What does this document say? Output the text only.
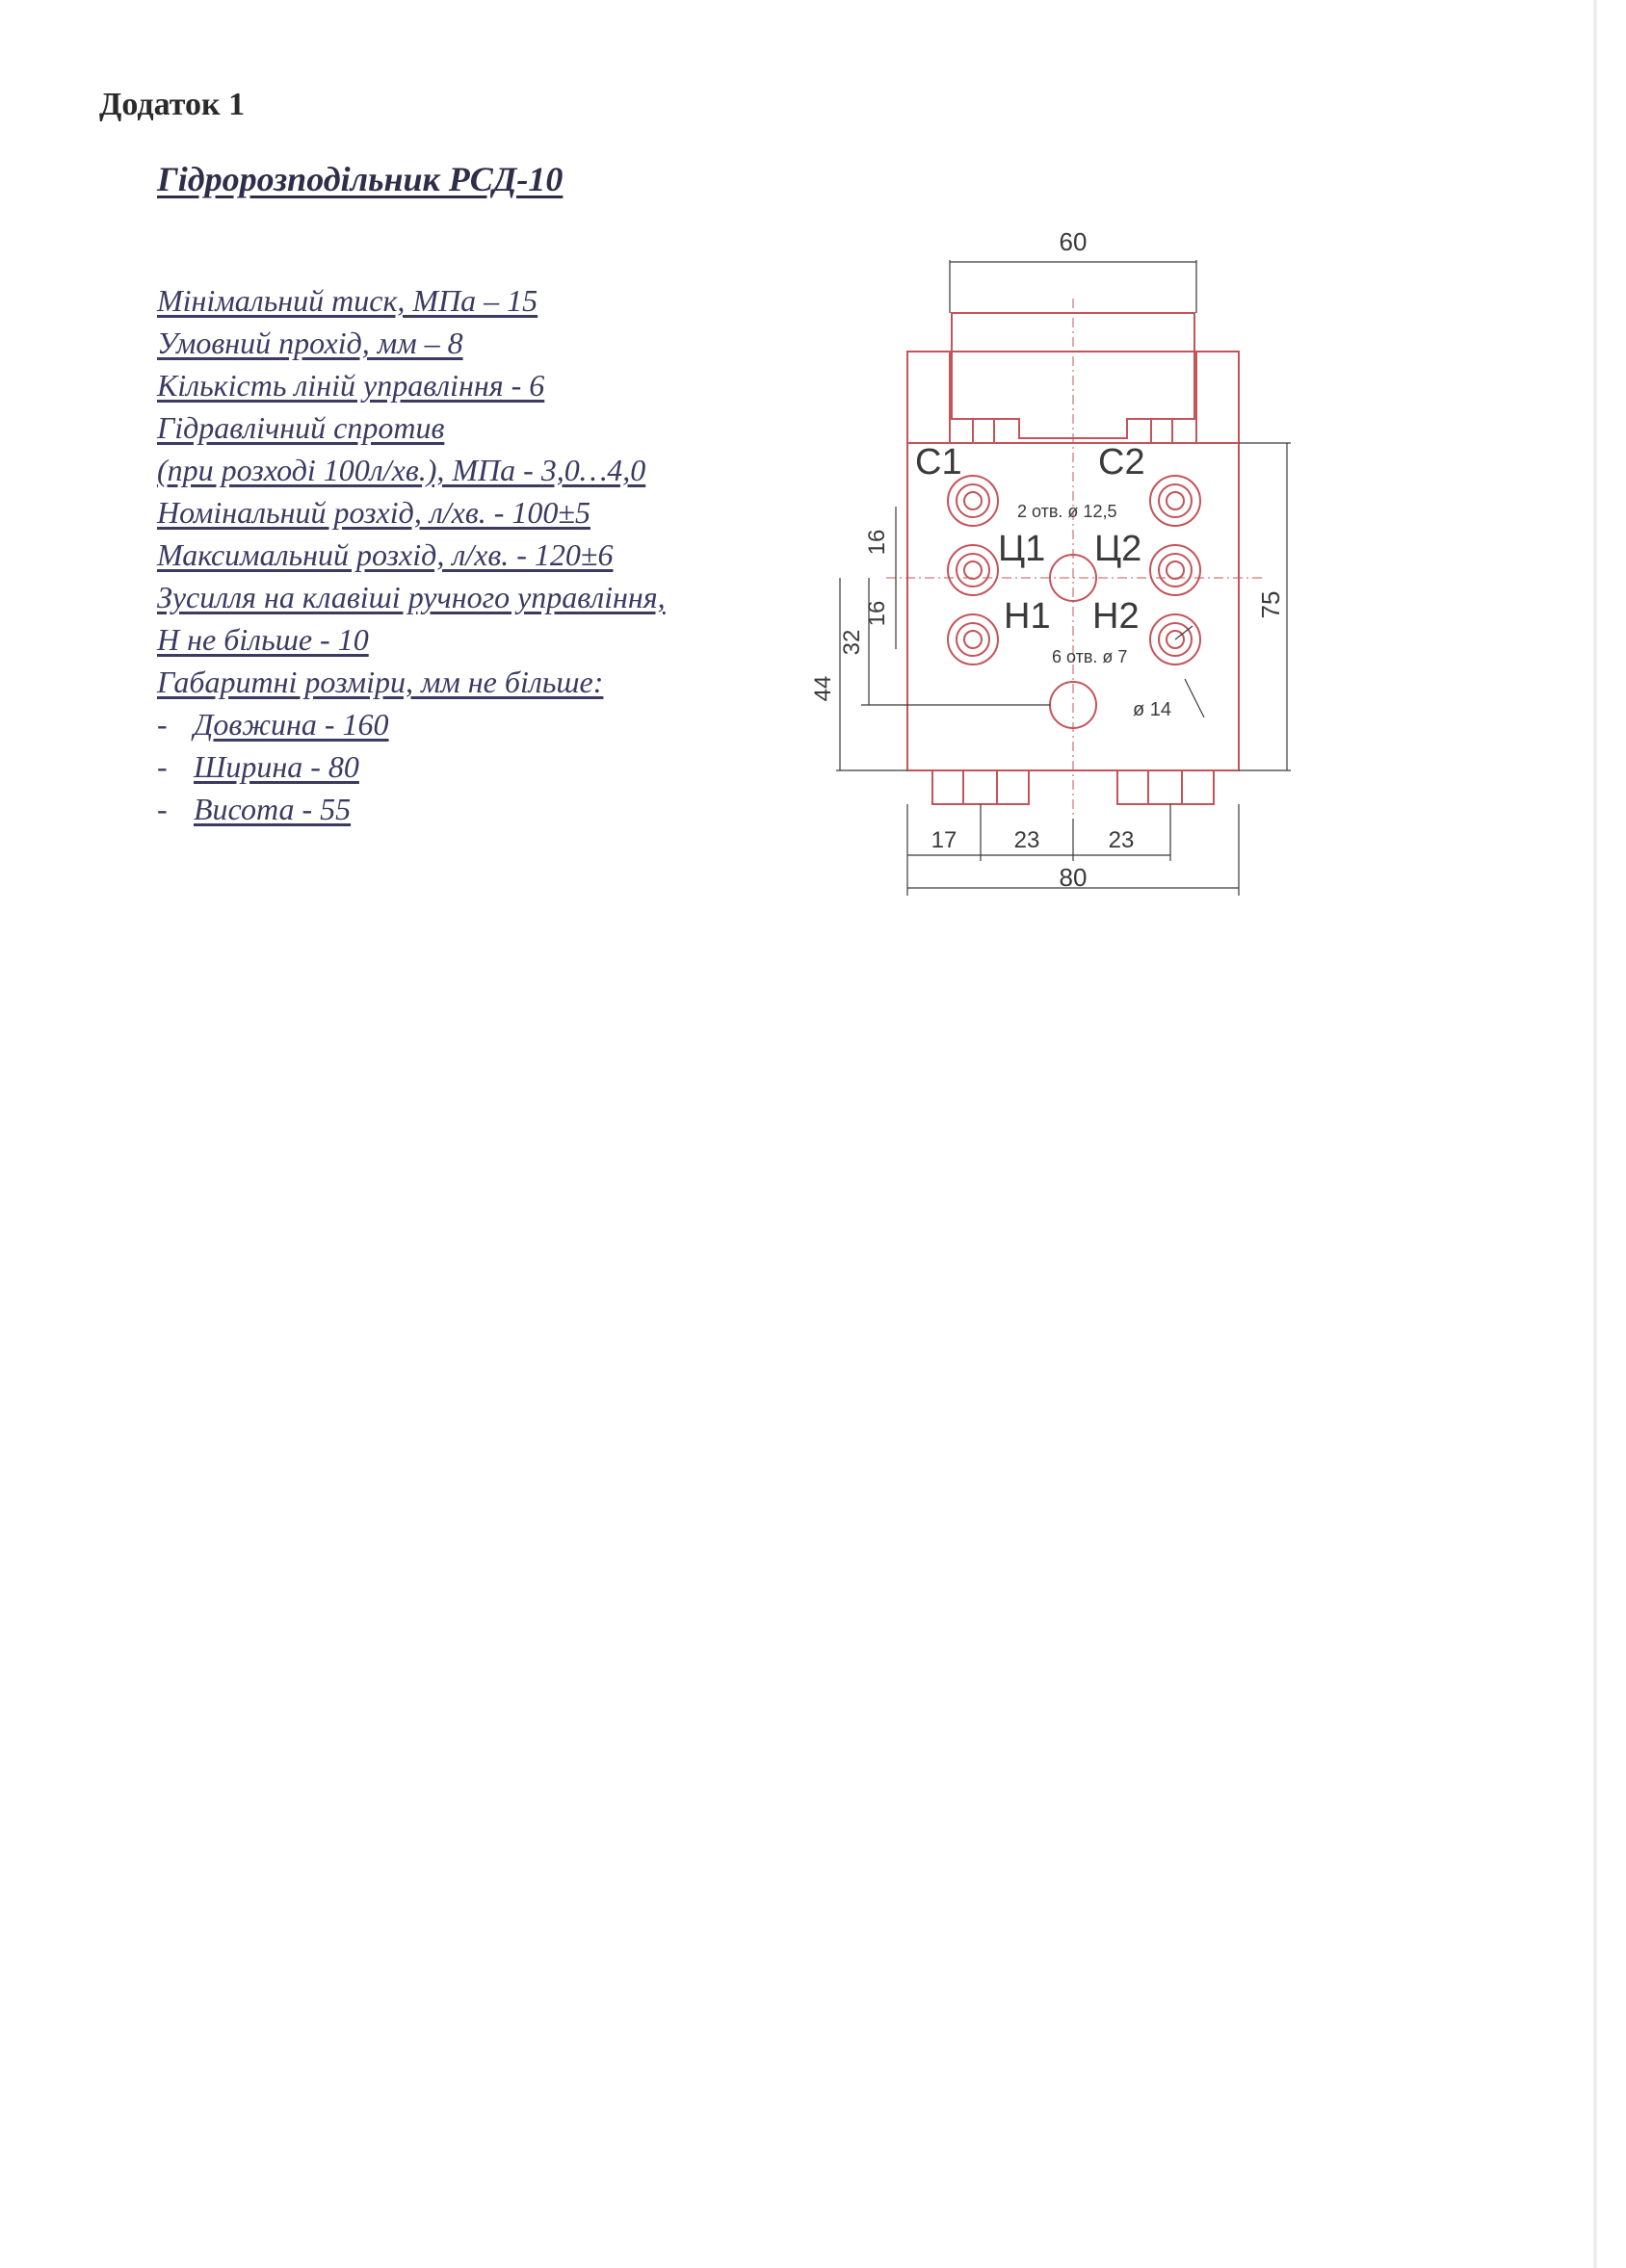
Додаток 1
Гідророзподільник РСД-10
Мінімальний тиск, МПа – 15
Умовний прохід, мм – 8
Кількість ліній управління - 6
Гідравлічний спротив
(при розході 100л/хв.), МПа - 3,0…4,0
Номінальний розхід, л/хв. - 100±5
Максимальний розхід, л/хв. - 120±6
Зусилля на клавіші ручного управління,
Н не більше - 10
Габаритні розміри, мм не більше:
- Довжина - 160
- Ширина - 80
- Висота - 55
60
75
16
16
32
44
17 23	23
80
С1	С2
Ц1 Ц2
Н1 Н2
2 отв. ø 12,5
6 отв. ø 7
ø 14
